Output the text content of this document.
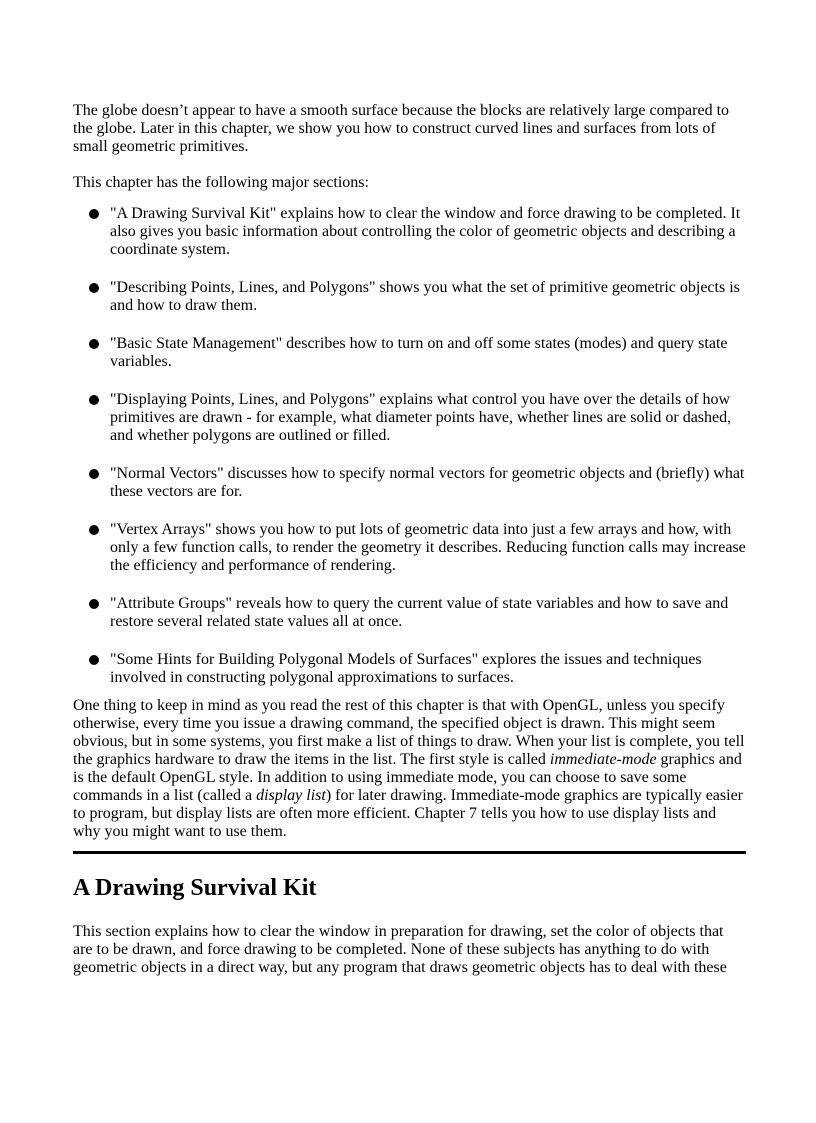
The globe doesn’t appear to have a smooth surface because the blocks are relatively large compared to the globe. Later in this chapter, we show you how to construct curved lines and surfaces from lots of small geometric primitives.

This chapter has the following major sections:

"A Drawing Survival Kit" explains how to clear the window and force drawing to be completed. It also gives you basic information about controlling the color of geometric objects and describing a coordinate system.
"Describing Points, Lines, and Polygons" shows you what the set of primitive geometric objects is and how to draw them.
"Basic State Management" describes how to turn on and off some states (modes) and query state variables.
"Displaying Points, Lines, and Polygons" explains what control you have over the details of how primitives are drawn - for example, what diameter points have, whether lines are solid or dashed, and whether polygons are outlined or filled.
"Normal Vectors" discusses how to specify normal vectors for geometric objects and (briefly) what these vectors are for.
"Vertex Arrays" shows you how to put lots of geometric data into just a few arrays and how, with only a few function calls, to render the geometry it describes. Reducing function calls may increase the efficiency and performance of rendering.
"Attribute Groups" reveals how to query the current value of state variables and how to save and restore several related state values all at once.
"Some Hints for Building Polygonal Models of Surfaces" explores the issues and techniques involved in constructing polygonal approximations to surfaces.

One thing to keep in mind as you read the rest of this chapter is that with OpenGL, unless you specify otherwise, every time you issue a drawing command, the specified object is drawn. This might seem obvious, but in some systems, you first make a list of things to draw. When your list is complete, you tell the graphics hardware to draw the items in the list. The first style is called immediate-mode graphics and is the default OpenGL style. In addition to using immediate mode, you can choose to save some commands in a list (called a display list) for later drawing. Immediate-mode graphics are typically easier to program, but display lists are often more efficient. Chapter 7 tells you how to use display lists and why you might want to use them.

A Drawing Survival Kit

This section explains how to clear the window in preparation for drawing, set the color of objects that are to be drawn, and force drawing to be completed. None of these subjects has anything to do with geometric objects in a direct way, but any program that draws geometric objects has to deal with these
